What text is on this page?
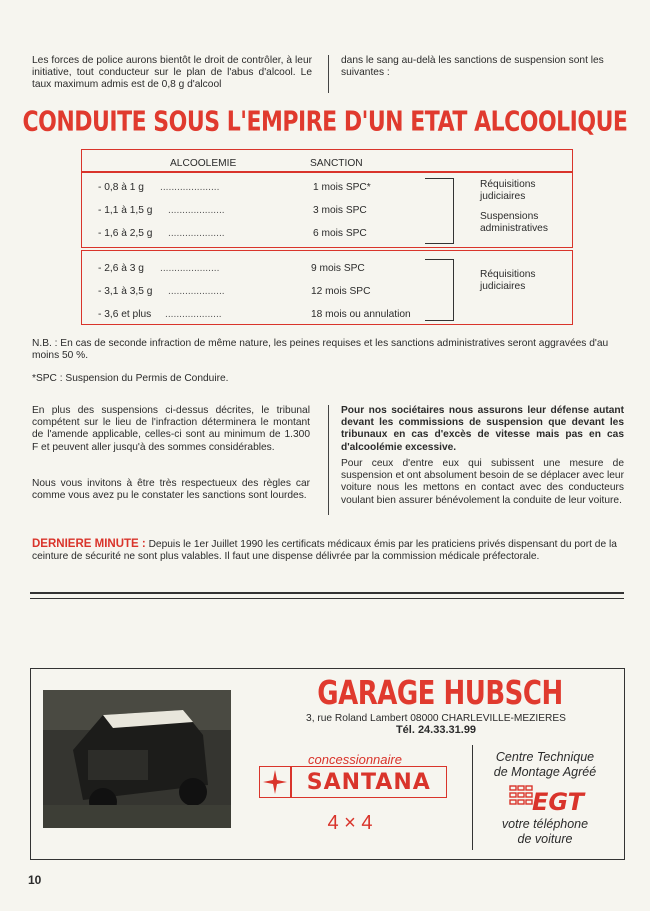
Les forces de police aurons bientôt le droit de contrôler, à leur initiative, tout conducteur sur le plan de l'abus d'alcool. Le taux maximum admis est de 0,8 g d'alcool
dans le sang au-delà les sanctions de suspension sont les suivantes :
CONDUITE SOUS L'EMPIRE D'UN ETAT ALCOOLIQUE
ALCOOLEMIE	SANCTION
- 0,8 à 1 g .....................	1 mois SPC*
- 1,1 à 1,5 g ....................	3 mois SPC
- 1,6 à 2,5 g ....................	6 mois SPC
Réquisitions judiciaires
Suspensions administratives
- 2,6 à 3 g .....................	9 mois SPC
- 3,1 à 3,5 g ....................	12 mois SPC
- 3,6 et plus ....................	18 mois ou annulation
Réquisitions judiciaires
N.B. : En cas de seconde infraction de même nature, les peines requises et les sanctions administratives seront aggravées d'au moins 50 %.
*SPC : Suspension du Permis de Conduire.
En plus des suspensions ci-dessus décrites, le tribunal compétent sur le lieu de l'infraction déterminera le montant de l'amende applicable, celles-ci sont au minimum de 1.300 F et peuvent aller jusqu'à des sommes considérables.
Nous vous invitons à être très respectueux des règles car comme vous avez pu le constater les sanctions sont lourdes.
Pour nos sociétaires nous assurons leur défense autant devant les commissions de suspension que devant les tribunaux en cas d'excès de vitesse mais pas en cas d'alcoolémie excessive.
Pour ceux d'entre eux qui subissent une mesure de suspension et ont absolument besoin de se déplacer avec leur voiture nous les mettons en contact avec des conducteurs voulant bien assurer bénévolement la conduite de leur voiture.
DERNIERE MINUTE : Depuis le 1er Juillet 1990 les certificats médicaux émis par les praticiens privés dispensant du port de la ceinture de sécurité ne sont plus valables. Il faut une dispense délivrée par la commission médicale préfectorale.
GARAGE HUBSCH
3, rue Roland Lambert 08000 CHARLEVILLE-MEZIERES
Tél. 24.33.31.99
concessionnaire
SANTANA
4 × 4
Centre Technique
de Montage Agréé
EGT
votre téléphone
de voiture
10
